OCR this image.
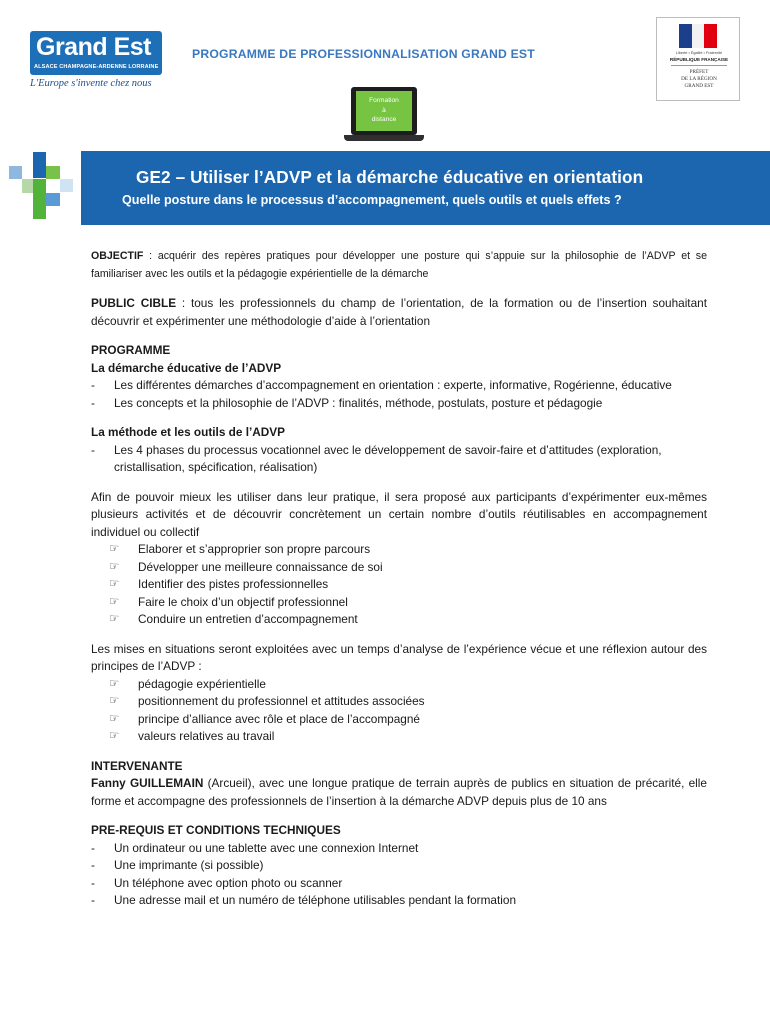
Grand Est
ALSACE CHAMPAGNE-ARDENNE LORRAINE
L'Europe s'invente chez nous
PROGRAMME DE PROFESSIONNALISATION GRAND EST	Liberté • Égalité • Fraternité
RÉPUBLIQUE FRANÇAISE
PRÉFET
DE LA RÉGION
GRAND EST
Formation
à
distance
GE2 – Utiliser l’ADVP et la démarche éducative en orientation
Quelle posture dans le processus d’accompagnement, quels outils et quels effets ?

OBJECTIF : acquérir des repères pratiques pour développer une posture qui s’appuie sur la philosophie de l’ADVP et se familiariser avec les outils et la pédagogie expérientielle de la démarche

PUBLIC CIBLE : tous les professionnels du champ de l’orientation, de la formation ou de l’insertion souhaitant découvrir et expérimenter une méthodologie d’aide à l’orientation

PROGRAMME
La démarche éducative de l’ADVP
- Les différentes démarches d’accompagnement en orientation : experte, informative, Rogérienne, éducative
- Les concepts et la philosophie de l’ADVP : finalités, méthode, postulats, posture et pédagogie
La méthode et les outils de l’ADVP
- Les 4 phases du processus vocationnel avec le développement de savoir-faire et d’attitudes (exploration, cristallisation, spécification, réalisation)

Afin de pouvoir mieux les utiliser dans leur pratique, il sera proposé aux participants d’expérimenter eux-mêmes plusieurs activités et de découvrir concrètement un certain nombre d’outils réutilisables en accompagnement individuel ou collectif

☞ Elaborer et s’approprier son propre parcours
☞ Développer une meilleure connaissance de soi
☞ Identifier des pistes professionnelles
☞ Faire le choix d’un objectif professionnel
☞ Conduire un entretien d’accompagnement

Les mises en situations seront exploitées avec un temps d’analyse de l’expérience vécue et une réflexion autour des principes de l’ADVP :

☞ pédagogie expérientielle
☞ positionnement du professionnel et attitudes associées
☞ principe d’alliance avec rôle et place de l’accompagné
☞ valeurs relatives au travail
INTERVENANTE

Fanny GUILLEMAIN (Arcueil), avec une longue pratique de terrain auprès de publics en situation de précarité, elle forme et accompagne des professionnels de l’insertion à la démarche ADVP depuis plus de 10 ans

PRE-REQUIS ET CONDITIONS TECHNIQUES
- Un ordinateur ou une tablette avec une connexion Internet
- Une imprimante (si possible)
- Un téléphone avec option photo ou scanner
- Une adresse mail et un numéro de téléphone utilisables pendant la formation
